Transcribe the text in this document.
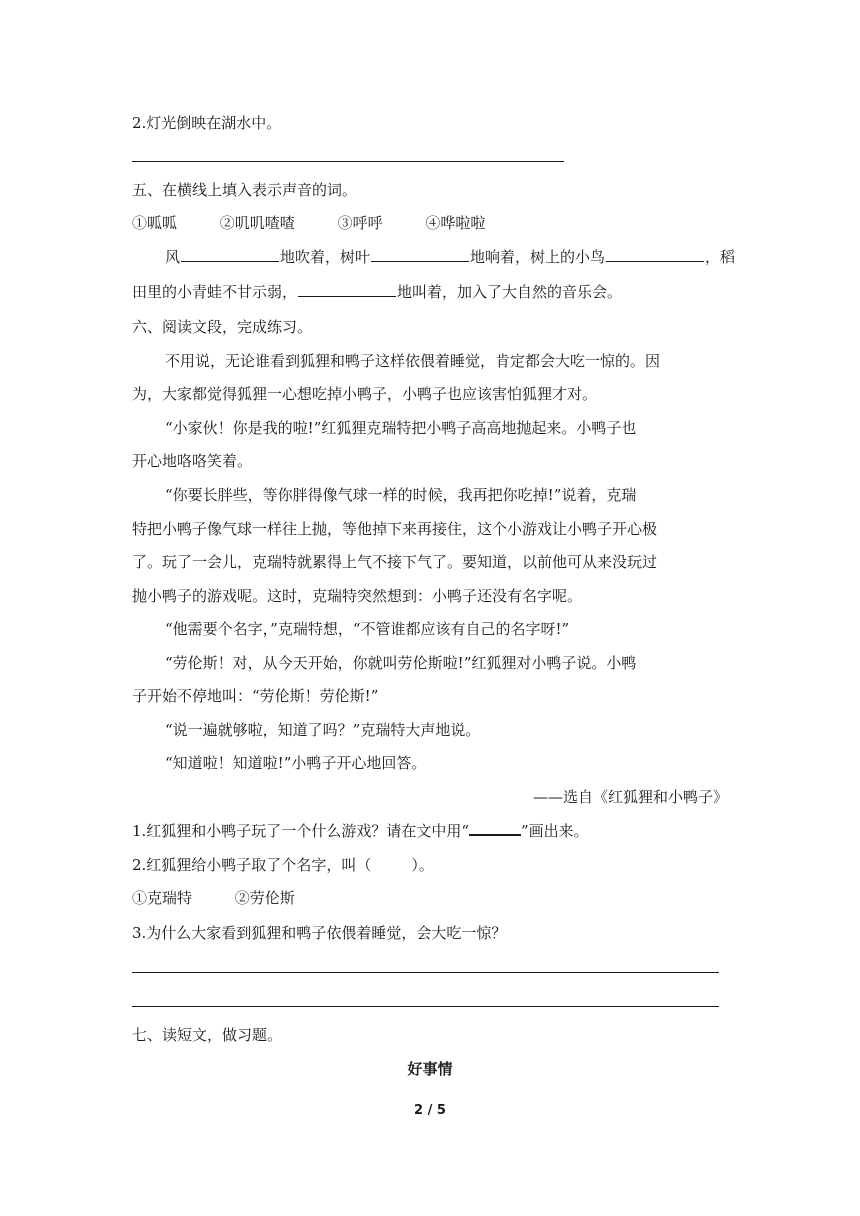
2.灯光倒映在湖水中。
五、在横线上填入表示声音的词。
①呱呱	②叽叽喳喳	③呼呼	④哗啦啦
风	地吹着，树叶	地响着，树上的小鸟	，稻
田里的小青蛙不甘示弱，	地叫着，加入了大自然的音乐会。
六、阅读文段，完成练习。
不用说，无论谁看到狐狸和鸭子这样依偎着睡觉，肯定都会大吃一惊的。因
为，大家都觉得狐狸一心想吃掉小鸭子，小鸭子也应该害怕狐狸才对。
“小家伙！你是我的啦!”红狐狸克瑞特把小鸭子高高地抛起来。小鸭子也
开心地咯咯笑着。
“你要长胖些，等你胖得像气球一样的时候，我再把你吃掉!”说着，克瑞
特把小鸭子像气球一样往上抛，等他掉下来再接住，这个小游戏让小鸭子开心极
了。玩了一会儿，克瑞特就累得上气不接下气了。要知道，以前他可从来没玩过
抛小鸭子的游戏呢。这时，克瑞特突然想到：小鸭子还没有名字呢。
“他需要个名字，”克瑞特想，“不管谁都应该有自己的名字呀!”
“劳伦斯！对，从今天开始，你就叫劳伦斯啦!”红狐狸对小鸭子说。小鸭
子开始不停地叫：“劳伦斯！劳伦斯!”
“说一遍就够啦，知道了吗？”克瑞特大声地说。
“知道啦！知道啦!”小鸭子开心地回答。
——选自《红狐狸和小鸭子》
1.红狐狸和小鸭子玩了一个什么游戏？请在文中用“	”画出来。
2.红狐狸给小鸭子取了个名字，叫（	）。
①克瑞特	②劳伦斯
3.为什么大家看到狐狸和鸭子依偎着睡觉，会大吃一惊？
七、读短文，做习题。
好事情
2 / 5
